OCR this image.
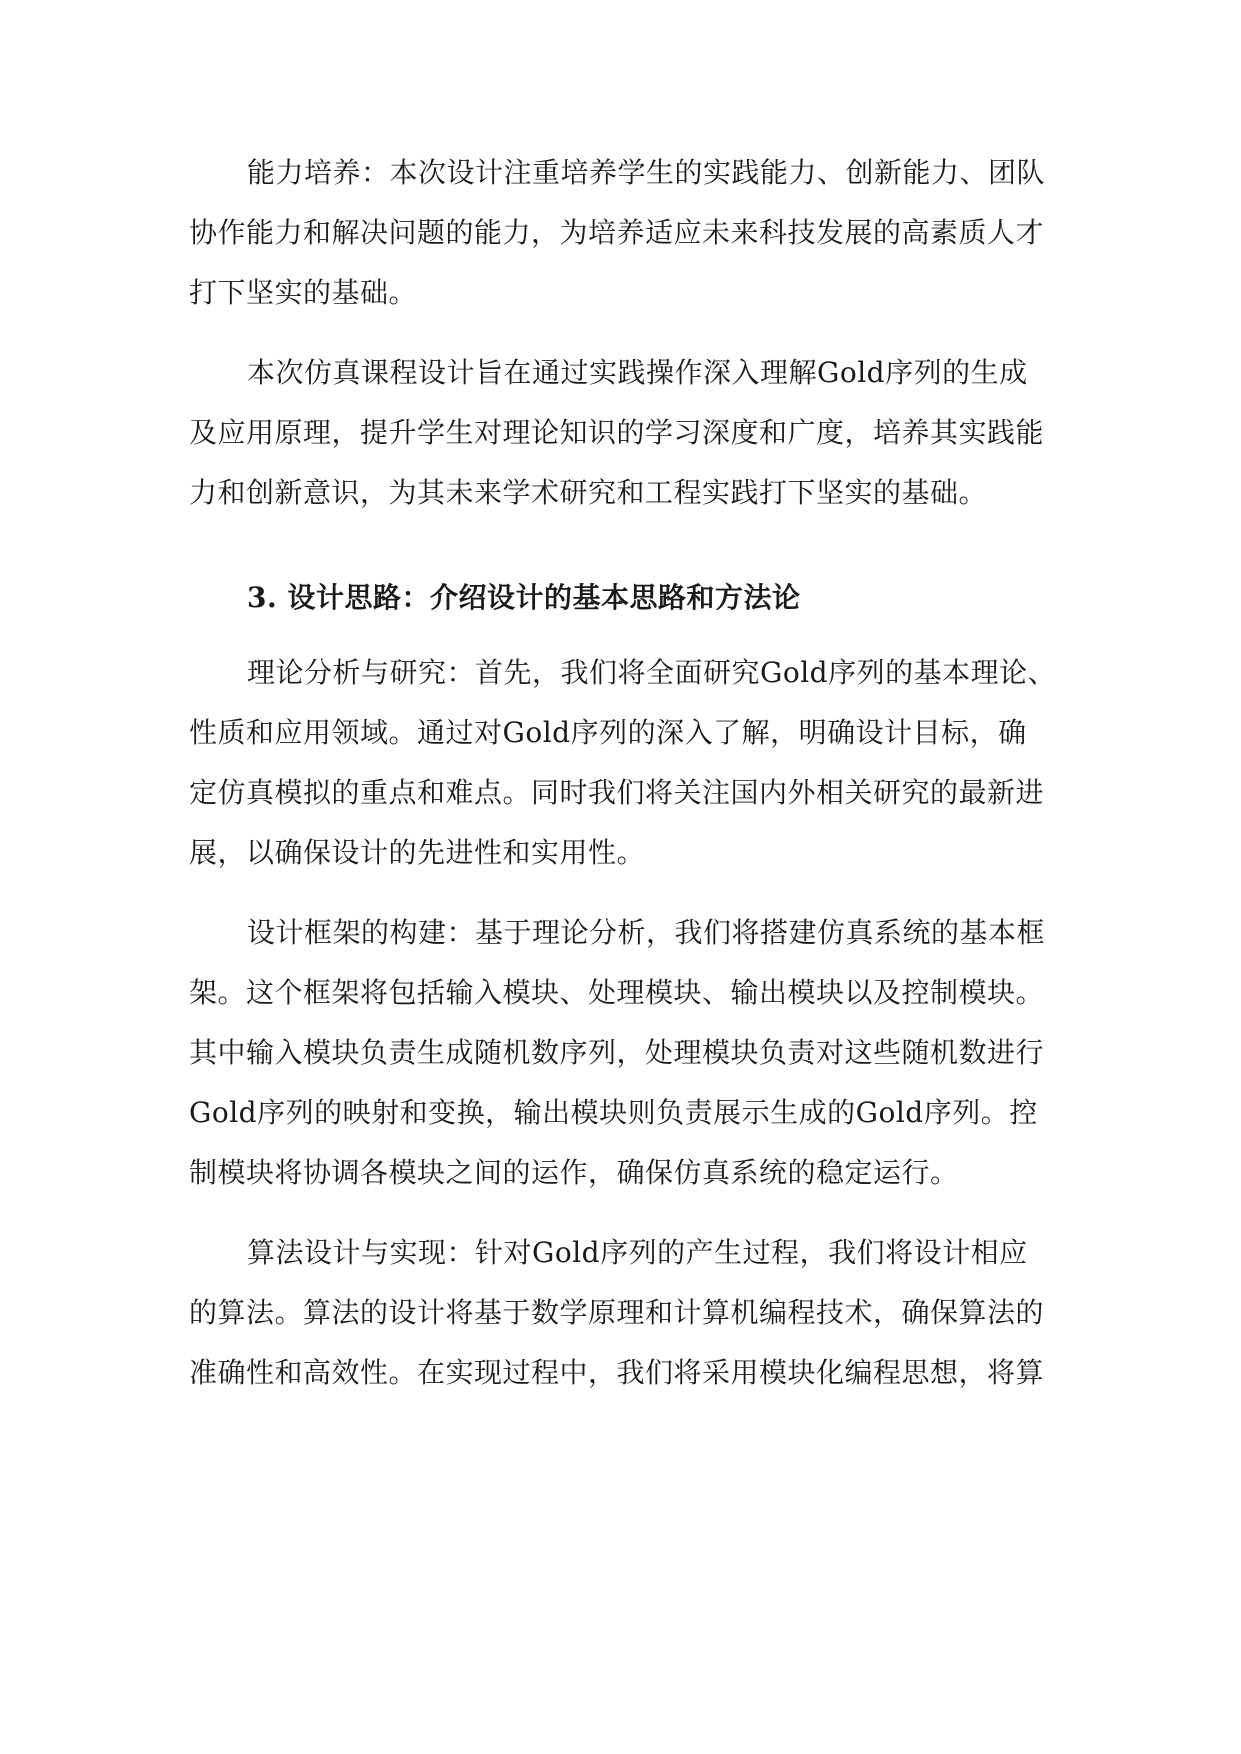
能力培养：本次设计注重培养学生的实践能力、创新能力、团队
协作能力和解决问题的能力，为培养适应未来科技发展的高素质人才
打下坚实的基础。
本次仿真课程设计旨在通过实践操作深入理解Gold序列的生成
及应用原理，提升学生对理论知识的学习深度和广度，培养其实践能
力和创新意识，为其未来学术研究和工程实践打下坚实的基础。
3. 设计思路：介绍设计的基本思路和方法论
理论分析与研究：首先，我们将全面研究Gold序列的基本理论、
性质和应用领域。通过对Gold序列的深入了解，明确设计目标，确
定仿真模拟的重点和难点。同时我们将关注国内外相关研究的最新进
展，以确保设计的先进性和实用性。
设计框架的构建：基于理论分析，我们将搭建仿真系统的基本框
架。这个框架将包括输入模块、处理模块、输出模块以及控制模块。
其中输入模块负责生成随机数序列，处理模块负责对这些随机数进行
Gold序列的映射和变换，输出模块则负责展示生成的Gold序列。控
制模块将协调各模块之间的运作，确保仿真系统的稳定运行。
算法设计与实现：针对Gold序列的产生过程，我们将设计相应
的算法。算法的设计将基于数学原理和计算机编程技术，确保算法的
准确性和高效性。在实现过程中，我们将采用模块化编程思想，将算
